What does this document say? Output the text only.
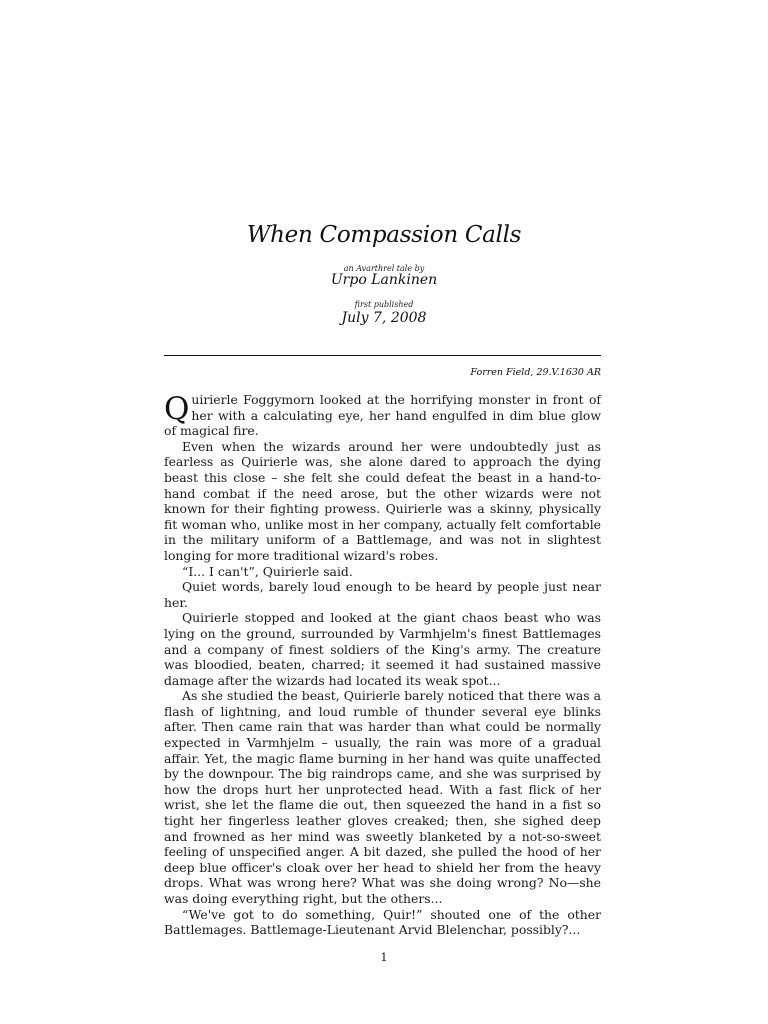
When Compassion Calls
an Avarthrel tale by
Urpo Lankinen
first published
July 7, 2008
Forren Field, 29.V.1630 AR

Quirierle Foggymorn looked at the horrifying monster in front of her with a calculating eye, her hand engulfed in dim blue glow of magical fire.

Even when the wizards around her were undoubtedly just as fearless as Quirierle was, she alone dared to approach the dying beast this close – she felt she could defeat the beast in a hand-to-hand combat if the need arose, but the other wizards were not known for their fighting prowess. Quirierle was a skinny, physically fit woman who, unlike most in her company, actually felt comfortable in the military uniform of a Battlemage, and was not in slightest longing for more traditional wizard's robes.

“I... I can't”, Quirierle said.

Quiet words, barely loud enough to be heard by people just near her.

Quirierle stopped and looked at the giant chaos beast who was lying on the ground, surrounded by Varmhjelm's finest Battlemages and a company of finest soldiers of the King's army. The creature was bloodied, beaten, charred; it seemed it had sustained massive damage after the wizards had located its weak spot...

As she studied the beast, Quirierle barely noticed that there was a flash of lightning, and loud rumble of thunder several eye blinks after. Then came rain that was harder than what could be normally expected in Varmhjelm – usually, the rain was more of a gradual affair. Yet, the magic flame burning in her hand was quite unaffected by the downpour. The big raindrops came, and she was surprised by how the drops hurt her unprotected head. With a fast flick of her wrist, she let the flame die out, then squeezed the hand in a fist so tight her fingerless leather gloves creaked; then, she sighed deep and frowned as her mind was sweetly blanketed by a not-so-sweet feeling of unspecified anger. A bit dazed, she pulled the hood of her deep blue officer's cloak over her head to shield her from the heavy drops. What was wrong here? What was she doing wrong? No—she was doing everything right, but the others...

“We've got to do something, Quir!” shouted one of the other Battlemages. Battlemage-Lieutenant Arvid Blelenchar, possibly?...

1
